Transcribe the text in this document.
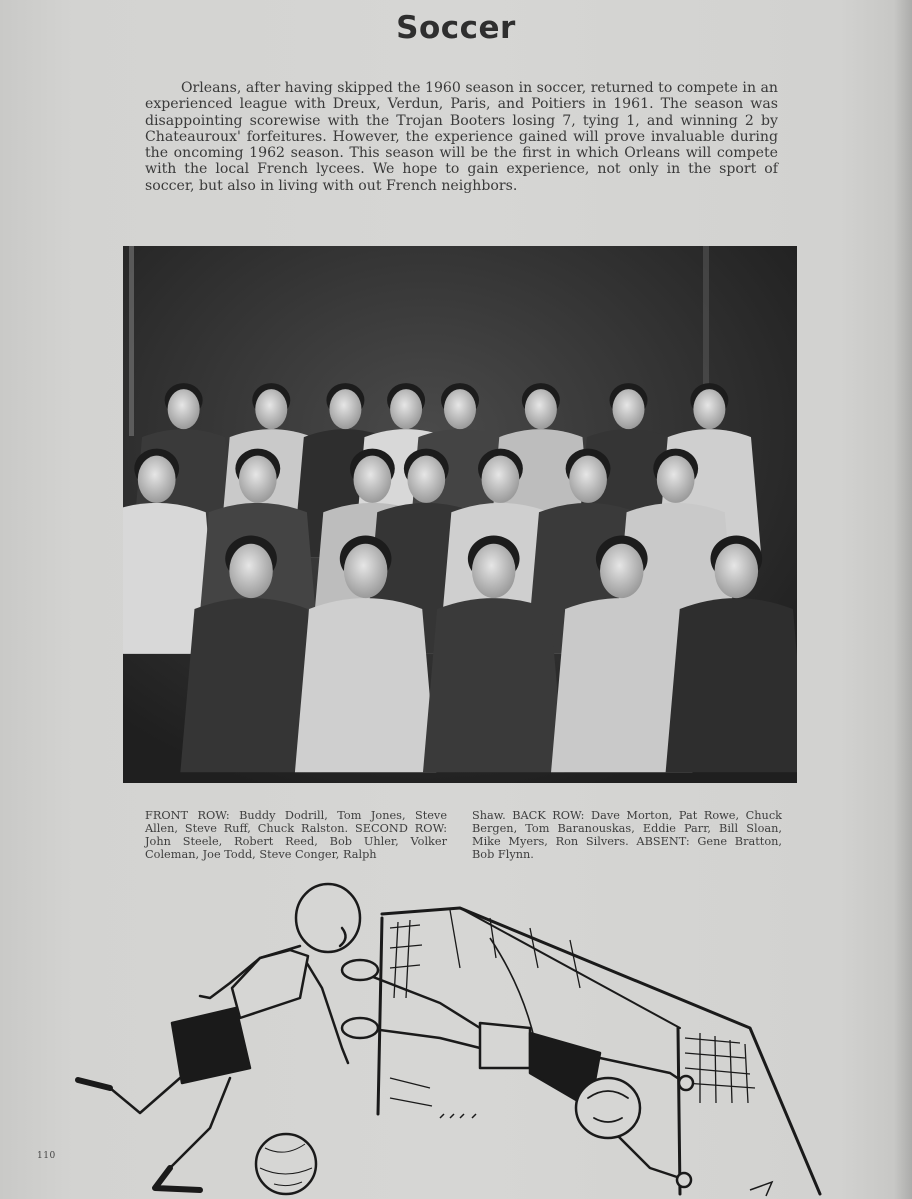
Soccer

Orleans, after having skipped the 1960 season in soccer, returned to compete in an experienced league with Dreux, Verdun, Paris, and Poitiers in 1961. The season was disappointing scorewise with the Trojan Booters losing 7, tying 1, and winning 2 by Chateauroux' forfeitures. However, the experience gained will prove invaluable during the oncoming 1962 season. This season will be the first in which Orleans will compete with the local French lycees. We hope to gain experience, not only in the sport of soccer, but also in living with out French neighbors.

FRONT ROW: Buddy Dodrill, Tom Jones, Steve Allen, Steve Ruff, Chuck Ralston. SECOND ROW: John Steele, Robert Reed, Bob Uhler, Volker Coleman, Joe Todd, Steve Conger, Ralph

Shaw. BACK ROW: Dave Morton, Pat Rowe, Chuck Bergen, Tom Baranouskas, Eddie Parr, Bill Sloan, Mike Myers, Ron Silvers. ABSENT: Gene Bratton, Bob Flynn.

110
